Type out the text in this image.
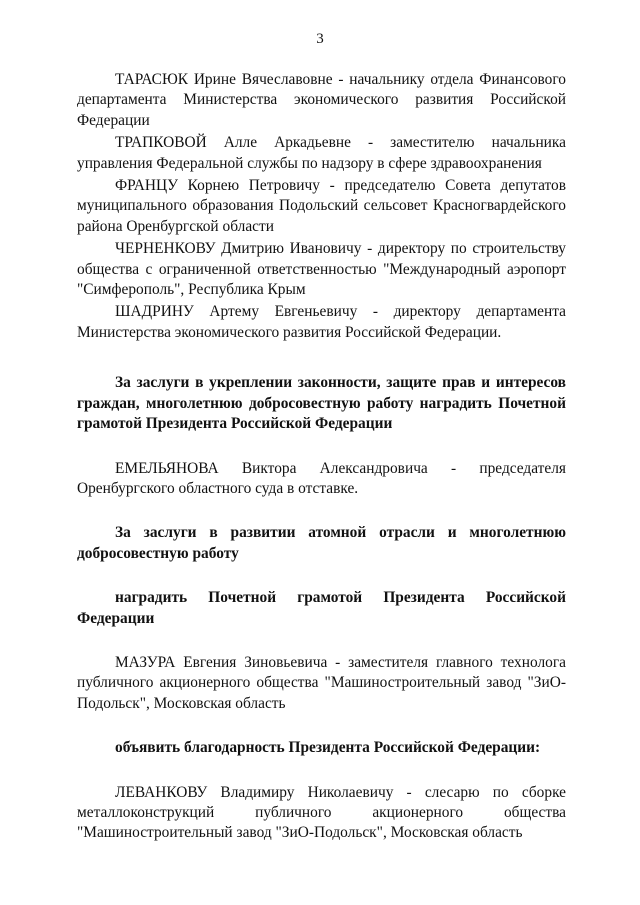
3

ТАРАСЮК Ирине Вячеславовне - начальнику отдела Финансового департамента Министерства экономического развития Российской Федерации

ТРАПКОВОЙ Алле Аркадьевне - заместителю начальника управления Федеральной службы по надзору в сфере здравоохранения

ФРАНЦУ Корнею Петровичу - председателю Совета депутатов муниципального образования Подольский сельсовет Красногвардейского района Оренбургской области

ЧЕРНЕНКОВУ Дмитрию Ивановичу - директору по строительству общества с ограниченной ответственностью "Международный аэропорт "Симферополь", Республика Крым

ШАДРИНУ Артему Евгеньевичу - директору департамента Министерства экономического развития Российской Федерации.

За заслуги в укреплении законности, защите прав и интересов граждан, многолетнюю добросовестную работу наградить Почетной грамотой Президента Российской Федерации

ЕМЕЛЬЯНОВА Виктора Александровича - председателя Оренбургского областного суда в отставке.

За заслуги в развитии атомной отрасли и многолетнюю добросовестную работу

наградить Почетной грамотой Президента Российской Федерации

МАЗУРА Евгения Зиновьевича - заместителя главного технолога публичного акционерного общества "Машиностроительный завод "ЗиО-Подольск", Московская область

объявить благодарность Президента Российской Федерации:

ЛЕВАНКОВУ Владимиру Николаевичу - слесарю по сборке металлоконструкций публичного акционерного общества "Машиностроительный завод "ЗиО-Подольск", Московская область
